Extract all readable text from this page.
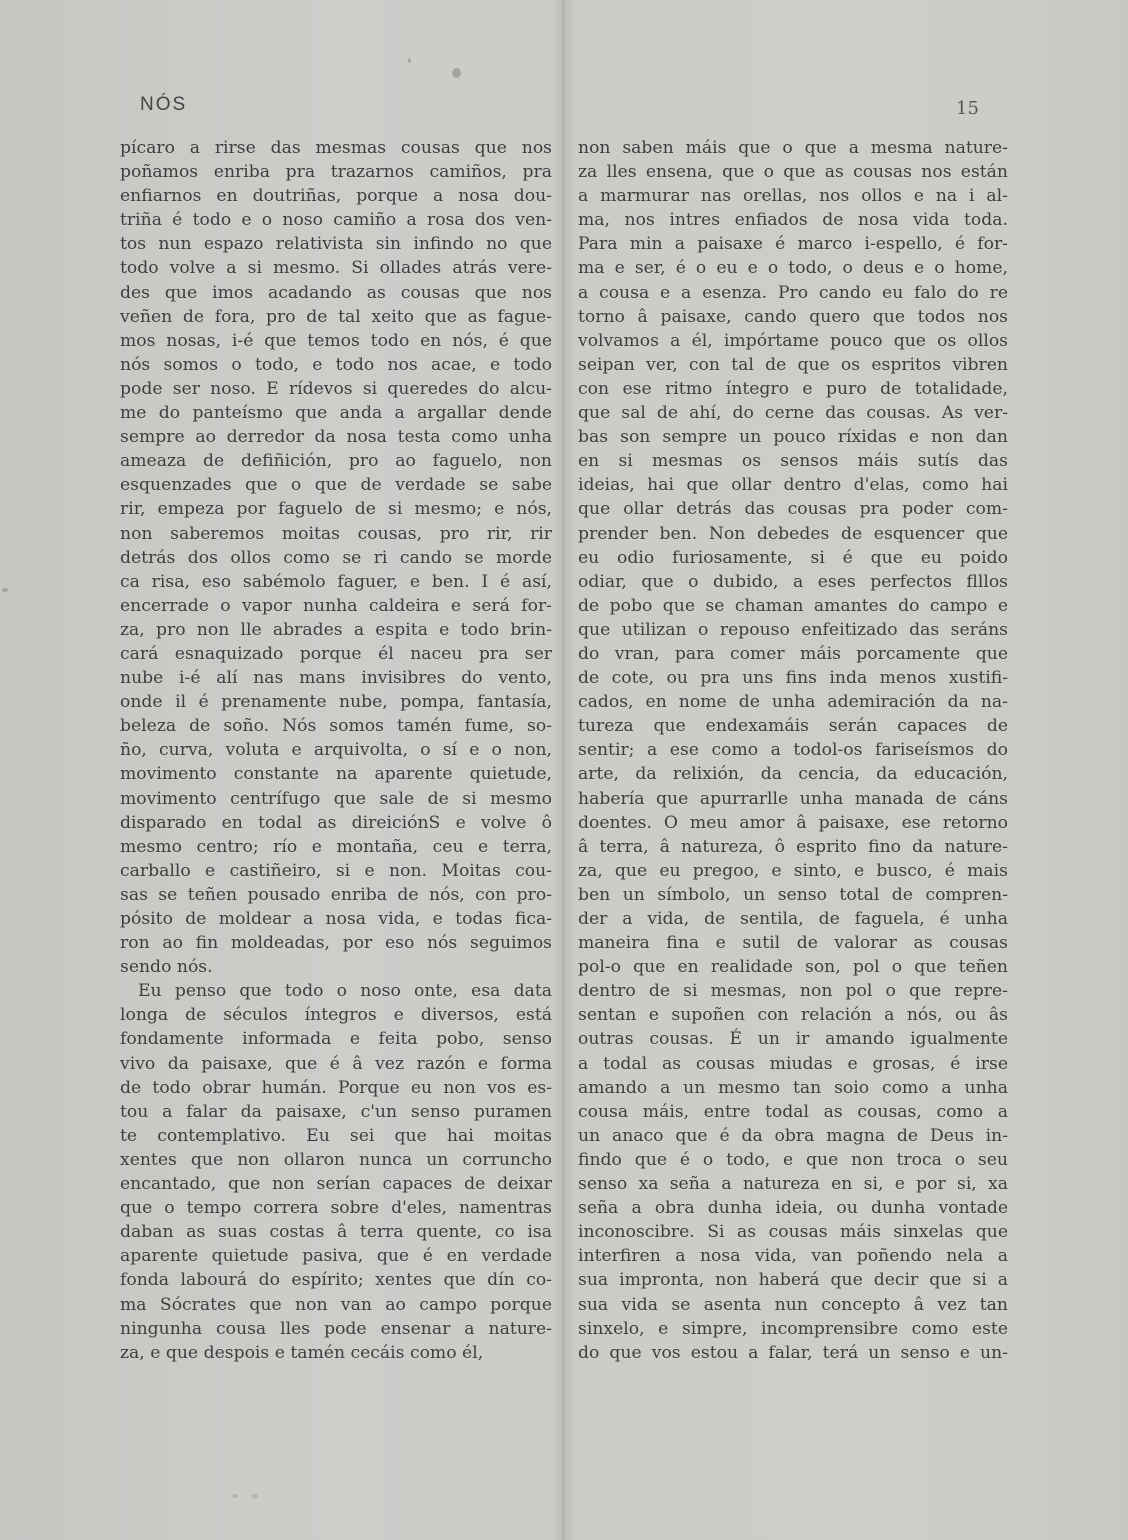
NÓS	15
pícaro a rirse das mesmas cousas que nos
poñamos enriba pra trazarnos camiños, pra
enfiarnos en doutriñas, porque a nosa dou-
triña é todo e o noso camiño a rosa dos ven-
tos nun espazo relativista sin infindo no que
todo volve a si mesmo. Si ollades atrás vere-
des que imos acadando as cousas que nos
veñen de fora, pro de tal xeito que as fague-
mos nosas, i-é que temos todo en nós, é que
nós somos o todo, e todo nos acae, e todo
pode ser noso. E rídevos si queredes do alcu-
me do panteísmo que anda a argallar dende
sempre ao derredor da nosa testa como unha
ameaza de defiñición, pro ao faguelo, non
esquenzades que o que de verdade se sabe
rir, empeza por faguelo de si mesmo; e nós,
non saberemos moitas cousas, pro rir, rir
detrás dos ollos como se ri cando se morde
ca risa, eso sabémolo faguer, e ben. I é así,
encerrade o vapor nunha caldeira e será for-
za, pro non lle abrades a espita e todo brin-
cará esnaquizado porque él naceu pra ser
nube i-é alí nas mans invisibres do vento,
onde il é prenamente nube, pompa, fantasía,
beleza de soño. Nós somos tamén fume, so-
ño, curva, voluta e arquivolta, o sí e o non,
movimento constante na aparente quietude,
movimento centrífugo que sale de si mesmo
disparado en todal as direiciónS e volve ô
mesmo centro; río e montaña, ceu e terra,
carballo e castiñeiro, si e non. Moitas cou-
sas se teñen pousado enriba de nós, con pro-
pósito de moldear a nosa vida, e todas fica-
ron ao fin moldeadas, por eso nós seguimos
sendo nós.
Eu penso que todo o noso onte, esa data
longa de séculos íntegros e diversos, está
fondamente informada e feita pobo, senso
vivo da paisaxe, que é â vez razón e forma
de todo obrar humán. Porque eu non vos es-
tou a falar da paisaxe, c'un senso puramen
te contemplativo. Eu sei que hai moitas
xentes que non ollaron nunca un corruncho
encantado, que non serían capaces de deixar
que o tempo correra sobre d'eles, namentras
daban as suas costas â terra quente, co isa
aparente quietude pasiva, que é en verdade
fonda labourá do espírito; xentes que dín co-
ma Sócrates que non van ao campo porque
ningunha cousa lles pode ensenar a nature-
za, e que despois e tamén cecáis como él,
non saben máis que o que a mesma nature-
za lles ensena, que o que as cousas nos están
a marmurar nas orellas, nos ollos e na i al-
ma, nos intres enfiados de nosa vida toda.
Para min a paisaxe é marco i-espello, é for-
ma e ser, é o eu e o todo, o deus e o home,
a cousa e a esenza. Pro cando eu falo do re
torno â paisaxe, cando quero que todos nos
volvamos a él, impórtame pouco que os ollos
seipan ver, con tal de que os espritos vibren
con ese ritmo íntegro e puro de totalidade,
que sal de ahí, do cerne das cousas. As ver-
bas son sempre un pouco ríxidas e non dan
en si mesmas os sensos máis sutís das
ideias, hai que ollar dentro d'elas, como hai
que ollar detrás das cousas pra poder com-
prender ben. Non debedes de esquencer que
eu odio furiosamente, si é que eu poido
odiar, que o dubido, a eses perfectos flllos
de pobo que se chaman amantes do campo e
que utilizan o repouso enfeitizado das seráns
do vran, para comer máis porcamente que
de cote, ou pra uns fins inda menos xustifi-
cados, en nome de unha ademiración da na-
tureza que endexamáis serán capaces de
sentir; a ese como a todol-os fariseísmos do
arte, da relixión, da cencia, da educación,
habería que apurrarlle unha manada de cáns
doentes. O meu amor â paisaxe, ese retorno
â terra, â natureza, ô esprito fino da nature-
za, que eu pregoo, e sinto, e busco, é mais
ben un símbolo, un senso total de compren-
der a vida, de sentila, de faguela, é unha
maneira fina e sutil de valorar as cousas
pol-o que en realidade son, pol o que teñen
dentro de si mesmas, non pol o que repre-
sentan e supoñen con relación a nós, ou âs
outras cousas. É un ir amando igualmente
a todal as cousas miudas e grosas, é irse
amando a un mesmo tan soio como a unha
cousa máis, entre todal as cousas, como a
un anaco que é da obra magna de Deus in-
findo que é o todo, e que non troca o seu
senso xa seña a natureza en si, e por si, xa
seña a obra dunha ideia, ou dunha vontade
inconoscibre. Si as cousas máis sinxelas que
interfiren a nosa vida, van poñendo nela a
sua impronta, non haberá que decir que si a
sua vida se asenta nun concepto â vez tan
sinxelo, e simpre, incomprensibre como este
do que vos estou a falar, terá un senso e un-
